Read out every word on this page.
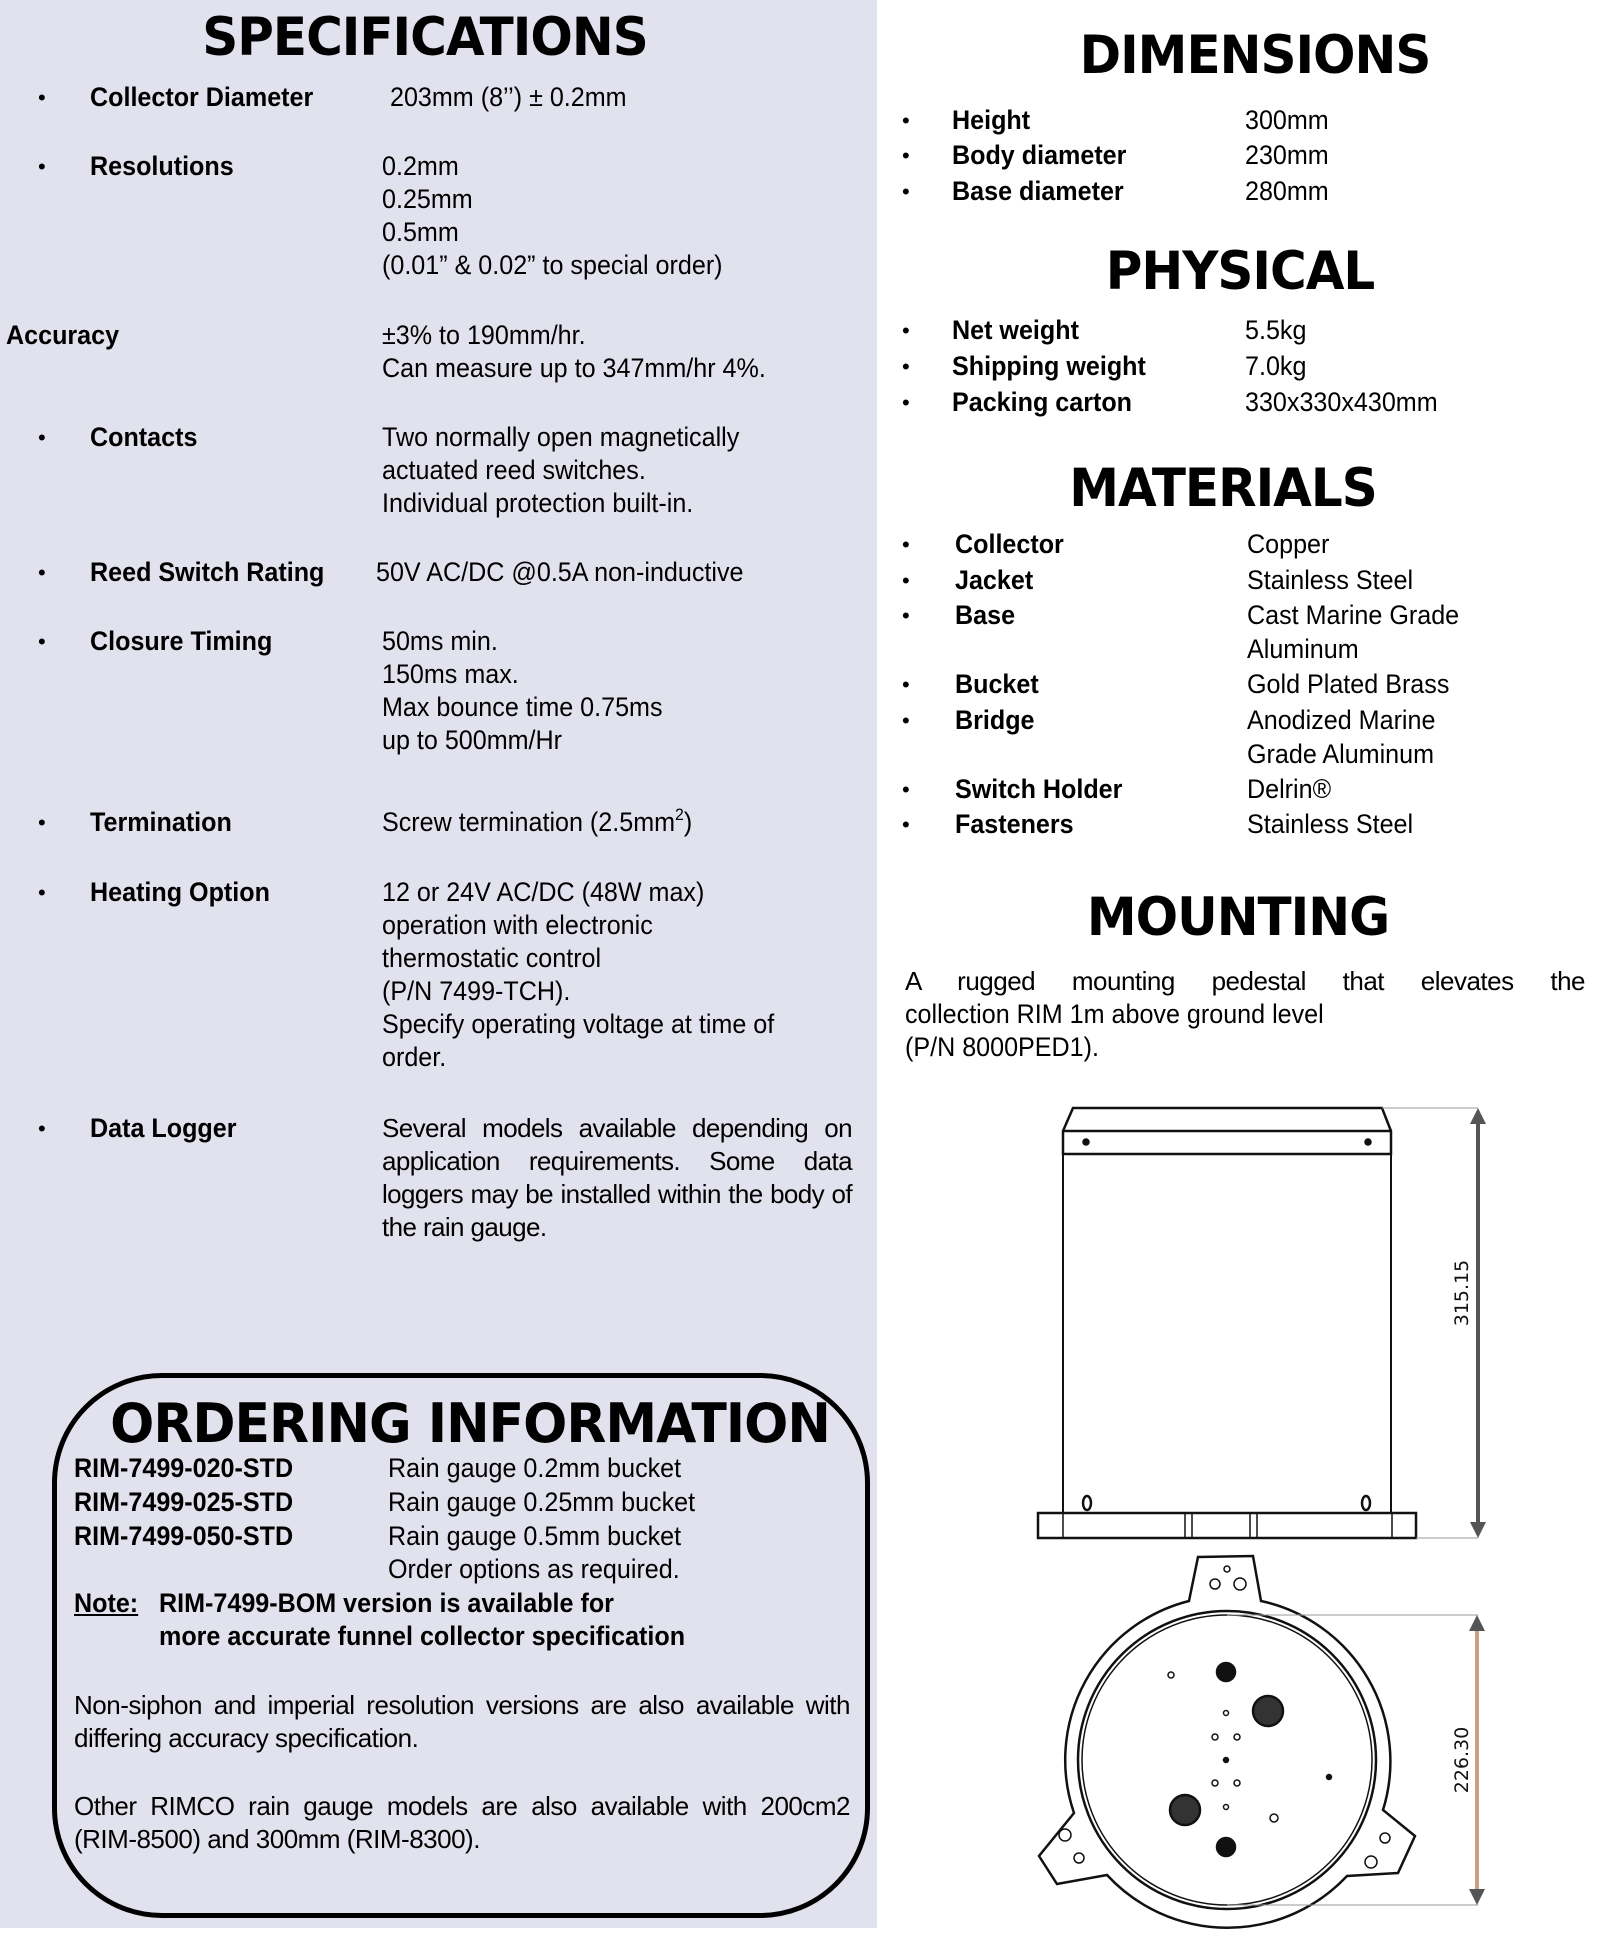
SPECIFICATIONS
• Collector Diameter	203mm (8’’) ± 0.2mm
• Resolutions	0.2mm
0.25mm
0.5mm
(0.01” & 0.02” to special order)
Accuracy	±3% to 190mm/hr.
Can measure up to 347mm/hr 4%.
• Contacts	Two normally open magnetically
actuated reed switches.
Individual protection built-in.
• Reed Switch Rating 50V AC/DC @0.5A non-inductive
• Closure Timing	50ms min.
150ms max.
Max bounce time 0.75ms
up to 500mm/Hr
• Termination	Screw termination $(2.5mm^2)$
• Heating Option	12 or 24V AC/DC (48W max)
operation with electronic
thermostatic control
(P/N 7499-TCH).
Specify operating voltage at time of
order.
• Data Logger	Several models available depending on application requirements. Some data loggers may be installed within the body of the rain gauge.
ORDERING INFORMATION
RIM-7499-020-STD	Rain gauge 0.2mm bucket
RIM-7499-025-STD	Rain gauge 0.25mm bucket
RIM-7499-050-STD	Rain gauge 0.5mm bucket
Order options as required.
Note: RIM-7499-BOM version is available for
more accurate funnel collector specification
Non-siphon and imperial resolution versions are also available with differing accuracy specification.
Other RIMCO rain gauge models are also available with 200cm2 (RIM-8500) and 300mm (RIM-8300).
DIMENSIONS
• Height	300mm
• Body diameter	230mm
• Base diameter	280mm
PHYSICAL
• Net weight	5.5kg
• Shipping weight	7.0kg
• Packing carton	330x330x430mm
MATERIALS
• Collector	Copper
• Jacket	Stainless Steel
• Base	Cast Marine Grade
Aluminum
• Bucket	Gold Plated Brass
• Bridge	Anodized Marine
Grade Aluminum
• Switch Holder	Delrin®
• Fasteners	Stainless Steel
MOUNTING
A rugged mounting pedestal that elevates the
collection RIM 1m above ground level
(P/N 8000PED1).
315.15
226.30
